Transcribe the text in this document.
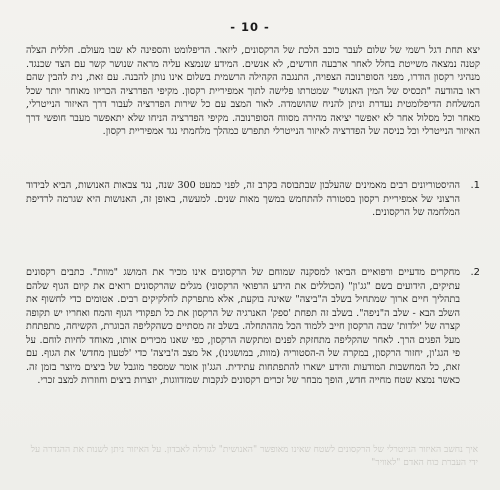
- 10 -
יצא תחת דגל רשמי של שלום לעבר כוכב הלכת של הרקסונים, ליזאר. הדיפלומט והספינה לא שבו מעולם. חללית הצלה קטנה נמצאה משייטת בחלל לאחר ארבעה חודשים, לא אנשים. המידע שנמצא עליה מראה שנושר קשר עם הצד שכנגד. מנהיגי רקסון הודרו, מפני הסופרנובה הצפויה, התנגבה הקהילה הרשמית בשלום אינו נותן להבנה. עם זאת, נית להבין שהם ראו בהודעה "תכסיס של המין האנושי" שמטרתו פלישה לתוך אמפיריית רקסון. מקיפי הפדרציה הכריזו מאוחר יותר שכל המשלחת הדיפלומטית נעדרת וניתן להניח שהושמדה. לאור המצב עם כל שירות הפדרציה לעבור דרך האיזור הנייטרלי, מאחר וכל מסלול אחר לא יאפשר יציאה מהירה מסווח הסופרנובה. מקיפי הפדרציה הניחו שלא יתאפשר מעבר חופשי דרך האיזור הנייטרלי וכל כניסה של הפדרציה לאיזור הנייטרלי תתפרש כמהלך מלחמתי נגד אמפיריית רקסון.
1.
ההיסטוריונים רבים מאמינים שהעלבון שבתבוסה בקרב זה, לפני כמעט 300 שנה, נגד צבאות האנושות, הביא לבידוד הרצוני של אמפיריית רקסון בסטורה להתחמש במשך מאות שנים. למעשה, באופן זה, האנושות היא שגרמה לרדיפת המלחמה של הרקסונים.
2.
מחקרים מדעיים ורפואיים הביאו למסקנה שמוחם של הרקסונים אינו מכיר את המושג "מוות". כתבים רקסונים עתיקים, הידועים בשם "גג'ון" (הכוללים את הידע הרפואי הרקסוני) מגלים שהרקסונים רואים את קיום הגוף שלהם בתהליך חיים ארוך שמתחיל בשלב ה"ביצה" שאינה בוקעת, אלא מתפרקת לחלקיקים רבים. אטומים כדי לחשוף את השלב הבא - שלב ה"ניפה". בשלב זה תפחת 'ספק' האנרגיה של הרקסון את כל תפקודי הגוף והמח ואחריו יש תקופה קצרה של 'ילדות' שבה הרקסון חייב ללמוד הכל מההתחלה. בשלב זה מסתיים כשהקליפה הבוגרת, הקשיחה, מתפתחת מעל הפגים הרך. לאחר שהקליפה מתחזקת לפנים ומתקשה הרקסון, כפי שאנו מכירים אותו, מאוחד לחיות לוחם. על פי הגג'ון, יחזור הרקסון, במקרה של ה-הסטוריה (מוות, במושגינו), אל מצב ה'ביצה' כדי 'לטעון מחדש' את הגוף. עם זאת, כל המחשבות המודעות והידע ישארו להתפתחות עתידית. הגג'ון אומר שמספר מוגבל של ביצים מיוצר בזמן זה. כאשר נמצא שטח מחייה חדש, הופך מבחר של זכרים רקסונים לנקבות שמזדווגות, יוצרות ביצים וחוזרות למצב זכרי.
איך נחשב האיזור הנייטרלי של הרקסונים לשטח שאינו מאופשר "האנושית" לגורלה לאבדון. על האיזור ניתן לשנות את ההגדרה על ידי העברת כוח האדם "לאוויר"
